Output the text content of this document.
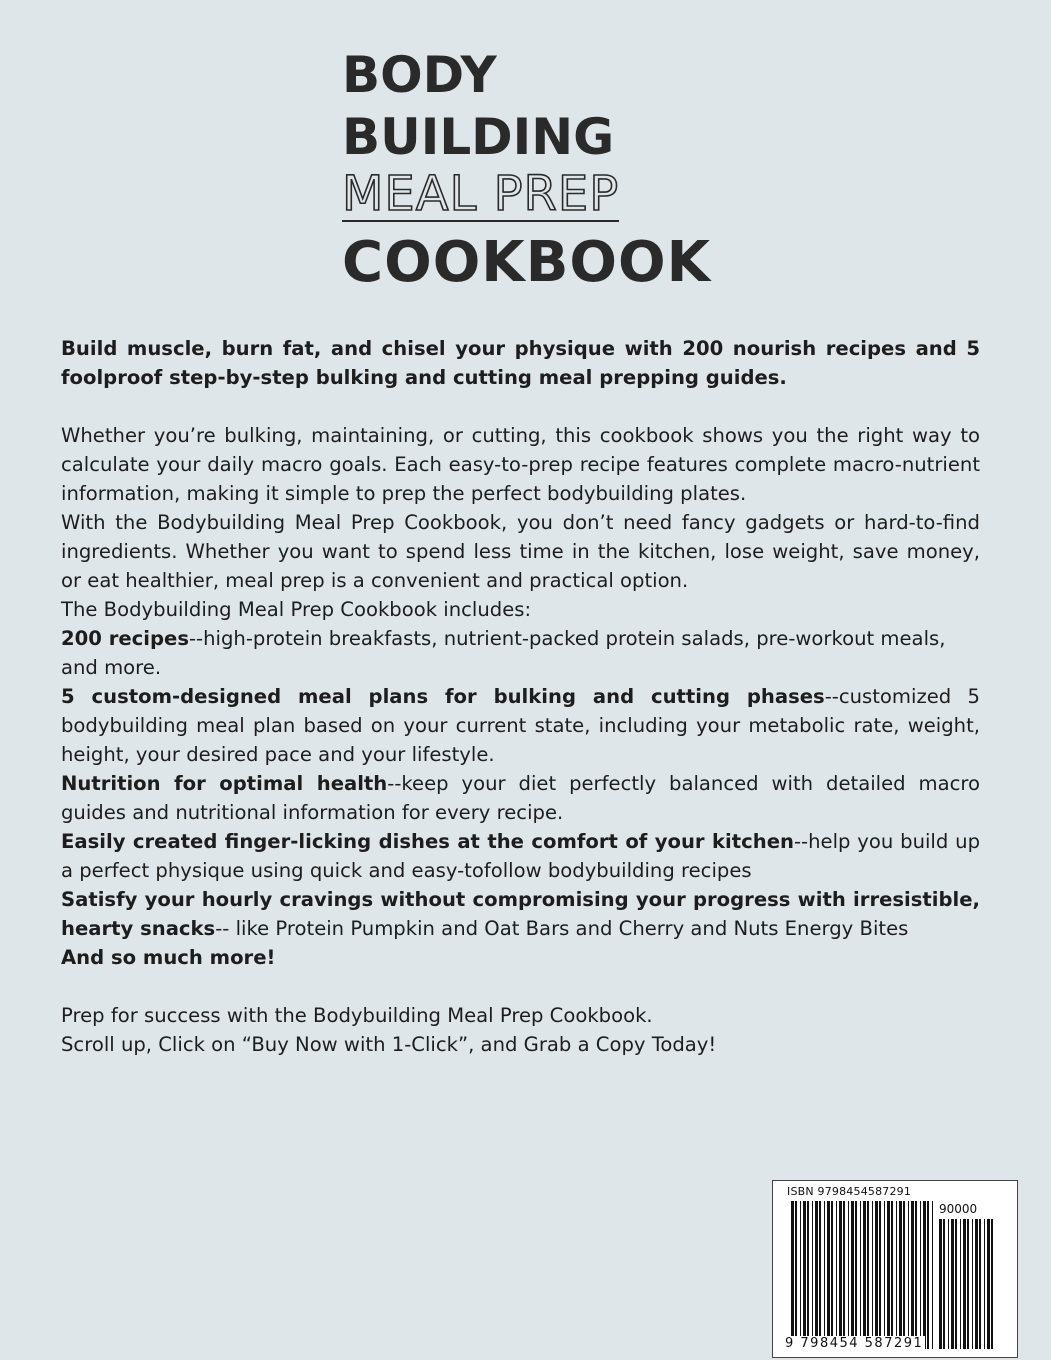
BODY
BUILDING
MEAL PREP
COOKBOOK

Build muscle, burn fat, and chisel your physique with 200 nourish recipes and 5 foolproof step-by-step bulking and cutting meal prepping guides.

Whether you’re bulking, maintaining, or cutting, this cookbook shows you the right way to calculate your daily macro goals. Each easy-to-prep recipe features complete macro-nutrient information, making it simple to prep the perfect bodybuilding plates.

With the Bodybuilding Meal Prep Cookbook, you don’t need fancy gadgets or hard-to-find ingredients. Whether you want to spend less time in the kitchen, lose weight, save money, or eat healthier, meal prep is a convenient and practical option.

The Bodybuilding Meal Prep Cookbook includes:

200 recipes--high-protein breakfasts, nutrient-packed protein salads, pre-workout meals, and more.

5 custom-designed meal plans for bulking and cutting phases--customized 5 bodybuilding meal plan based on your current state, including your metabolic rate, weight, height, your desired pace and your lifestyle.

Nutrition for optimal health--keep your diet perfectly balanced with detailed macro guides and nutritional information for every recipe.

Easily created finger-licking dishes at the comfort of your kitchen--help you build up a perfect physique using quick and easy-tofollow bodybuilding recipes

Satisfy your hourly cravings without compromising your progress with irresistible, hearty snacks-- like Protein Pumpkin and Oat Bars and Cherry and Nuts Energy Bites

And so much more!

Prep for success with the Bodybuilding Meal Prep Cookbook.

Scroll up, Click on “Buy Now with 1-Click”, and Grab a Copy Today!

ISBN 9798454587291
90000
9 798454 587291
